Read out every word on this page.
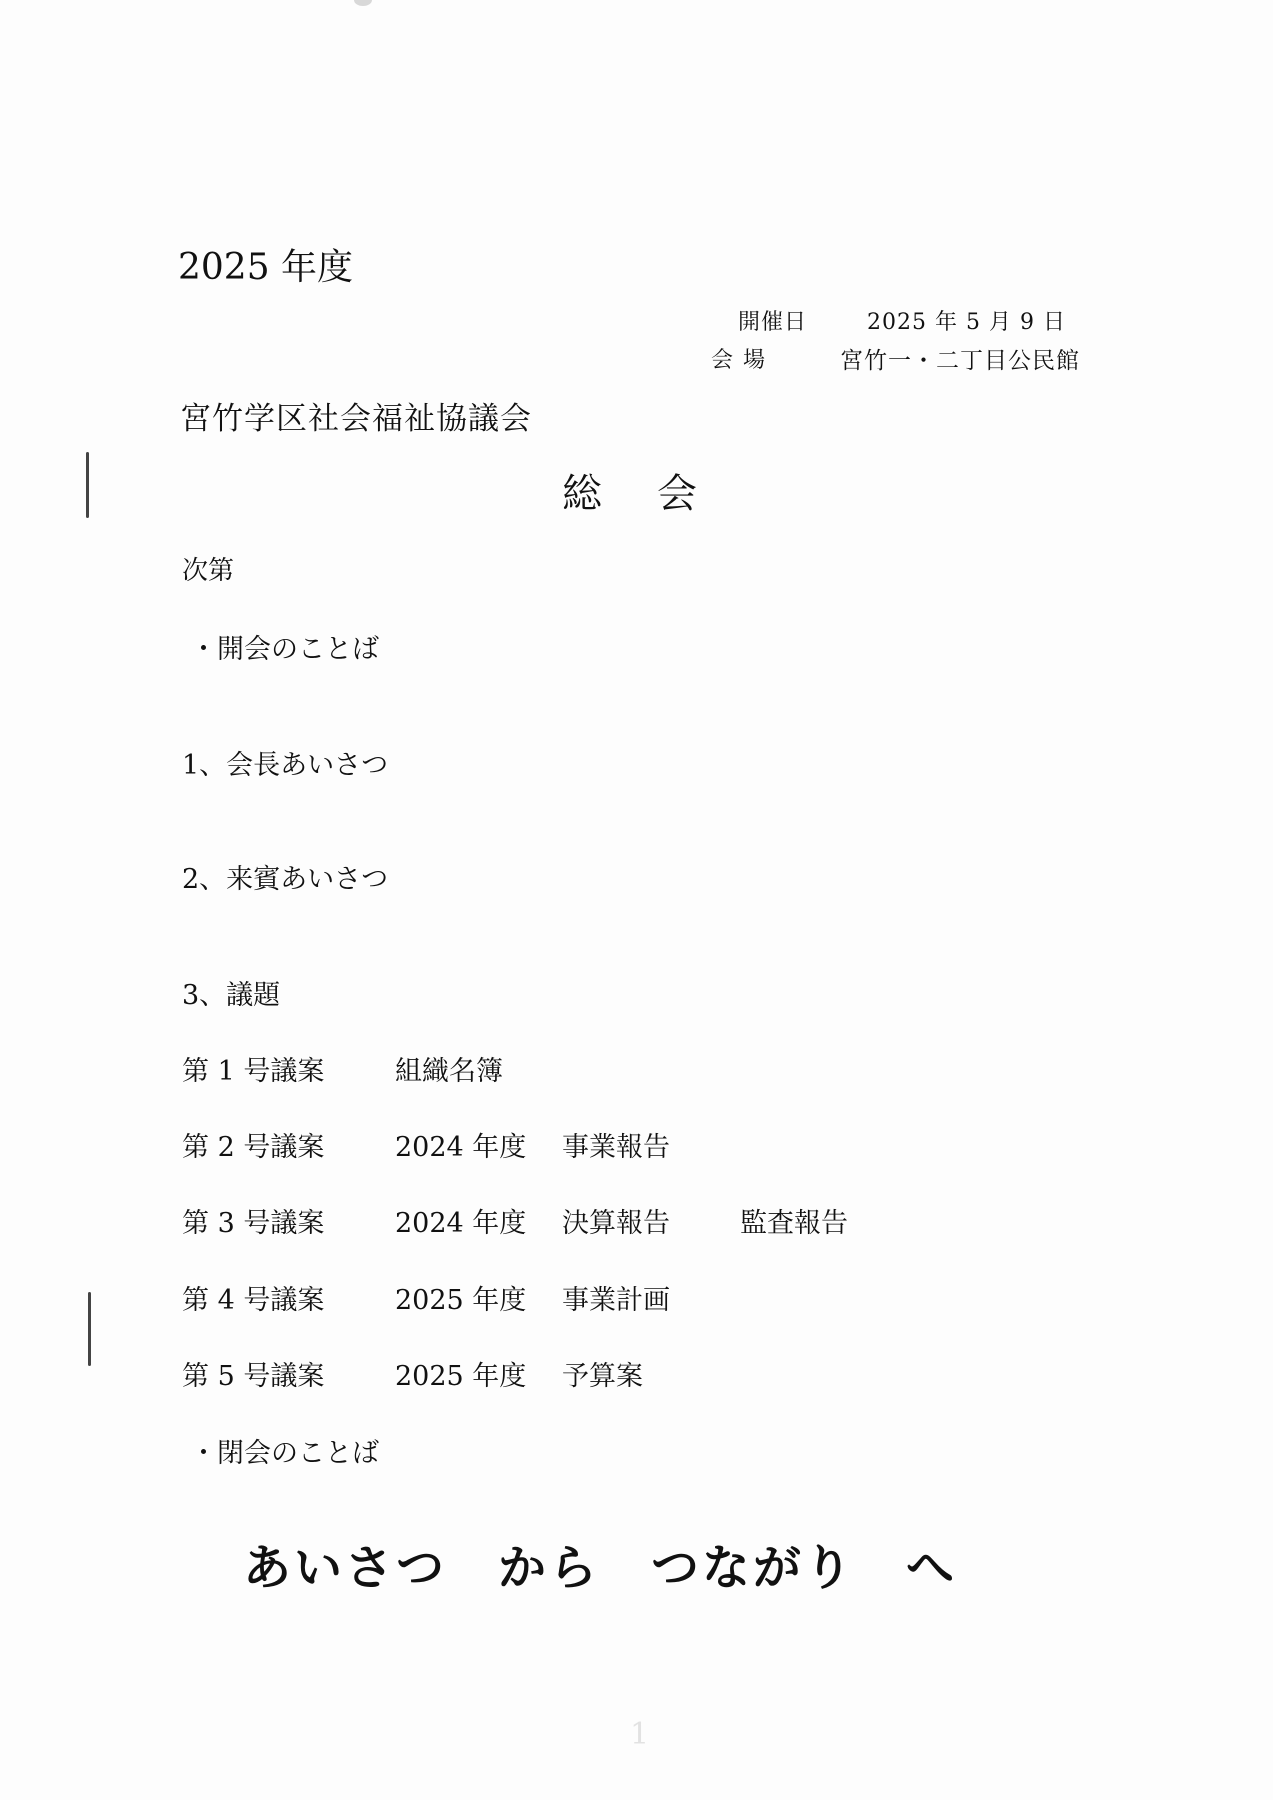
2025 年度
開催日	2025 年 5 月 9 日
会場	宮竹一・二丁目公民館
宮竹学区社会福祉協議会
総会
次第
・開会のことば
1、会長あいさつ
2、来賓あいさつ
3、議題
第 1 号議案	組織名簿
第 2 号議案	2024 年度 事業報告
第 3 号議案	2024 年度 決算報告	監査報告
第 4 号議案	2025 年度 事業計画
第 5 号議案	2025 年度 予算案
・閉会のことば
あいさつ　から　つながり　へ
1
